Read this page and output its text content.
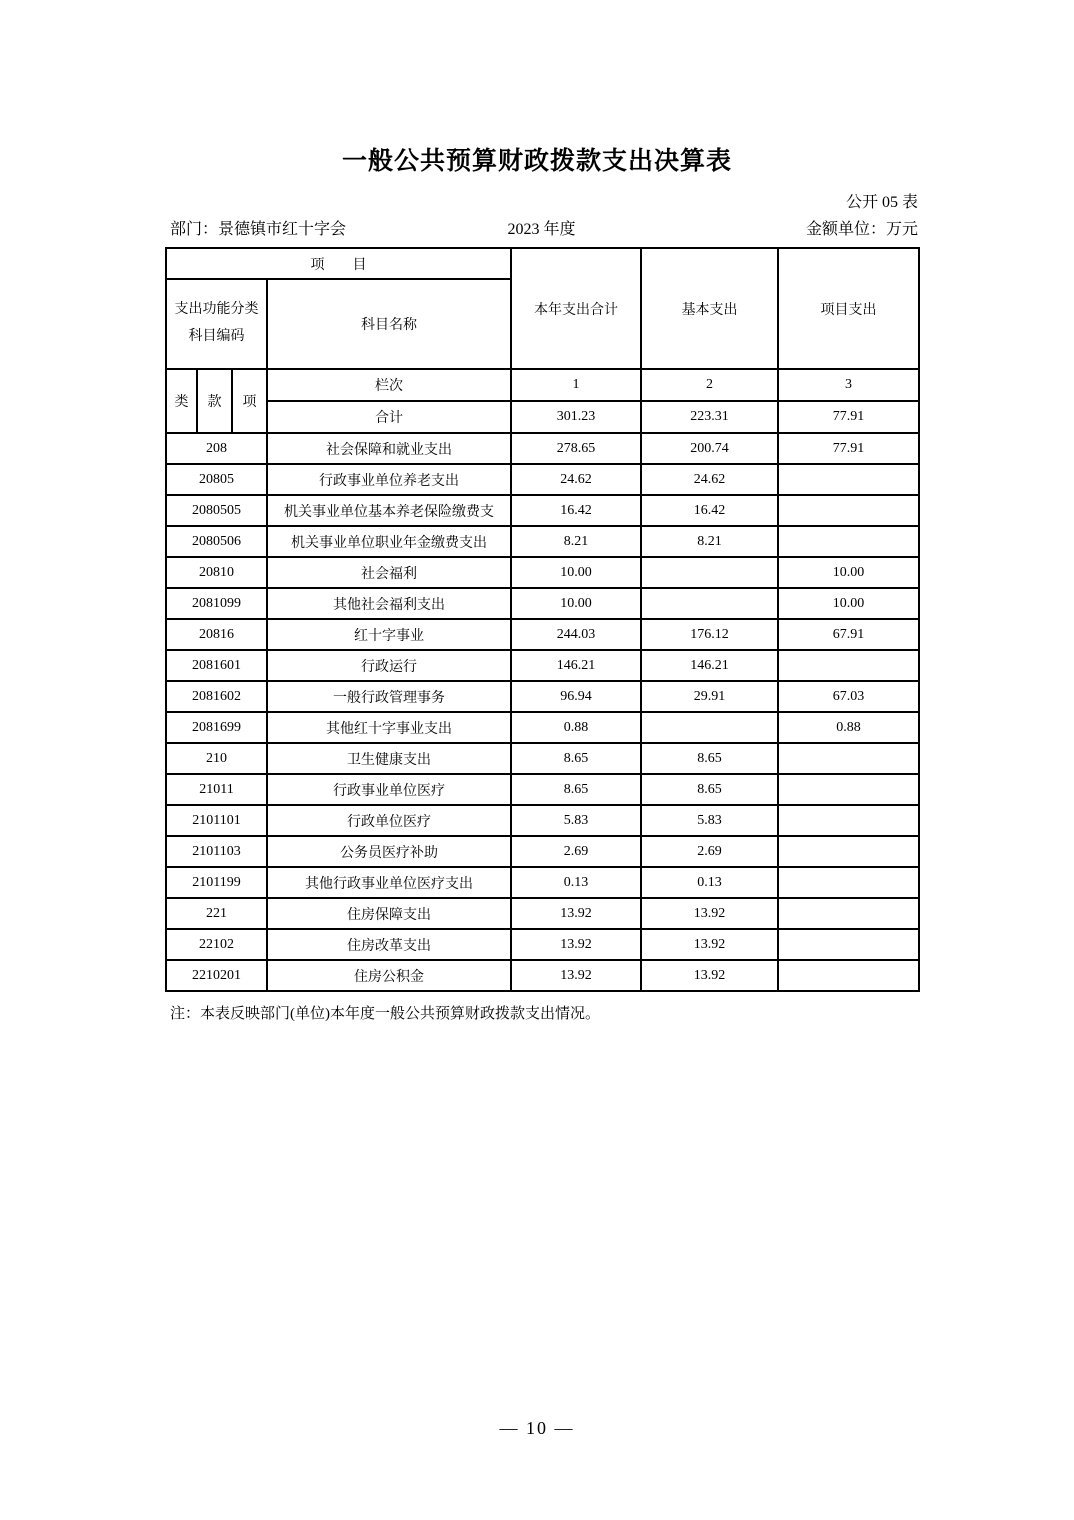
一般公共预算财政拨款支出决算表
公开 05 表
部门：景德镇市红十字会	2023 年度	金额单位：万元
项　　目				本年支出合计	基本支出	项目支出

支出功能分类
科目编码			科目名称			
类	款	项	栏次	1	2	3
			合计	301.23	223.31	77.91
208			社会保障和就业支出	278.65	200.74	77.91
20805			行政事业单位养老支出	24.62	24.62	
2080505			机关事业单位基本养老保险缴费支	16.42	16.42	
2080506			机关事业单位职业年金缴费支出	8.21	8.21	
20810			社会福利	10.00		10.00
2081099			其他社会福利支出	10.00		10.00
20816			红十字事业	244.03	176.12	67.91
2081601			行政运行	146.21	146.21	
2081602			一般行政管理事务	96.94	29.91	67.03
2081699			其他红十字事业支出	0.88		0.88
210			卫生健康支出	8.65	8.65	
21011			行政事业单位医疗	8.65	8.65	
2101101			行政单位医疗	5.83	5.83	
2101103			公务员医疗补助	2.69	2.69	
2101199			其他行政事业单位医疗支出	0.13	0.13	
221			住房保障支出	13.92	13.92	
22102			住房改革支出	13.92	13.92	
2210201			住房公积金	13.92	13.92	
注：本表反映部门(单位)本年度一般公共预算财政拨款支出情况。
— 10 —
